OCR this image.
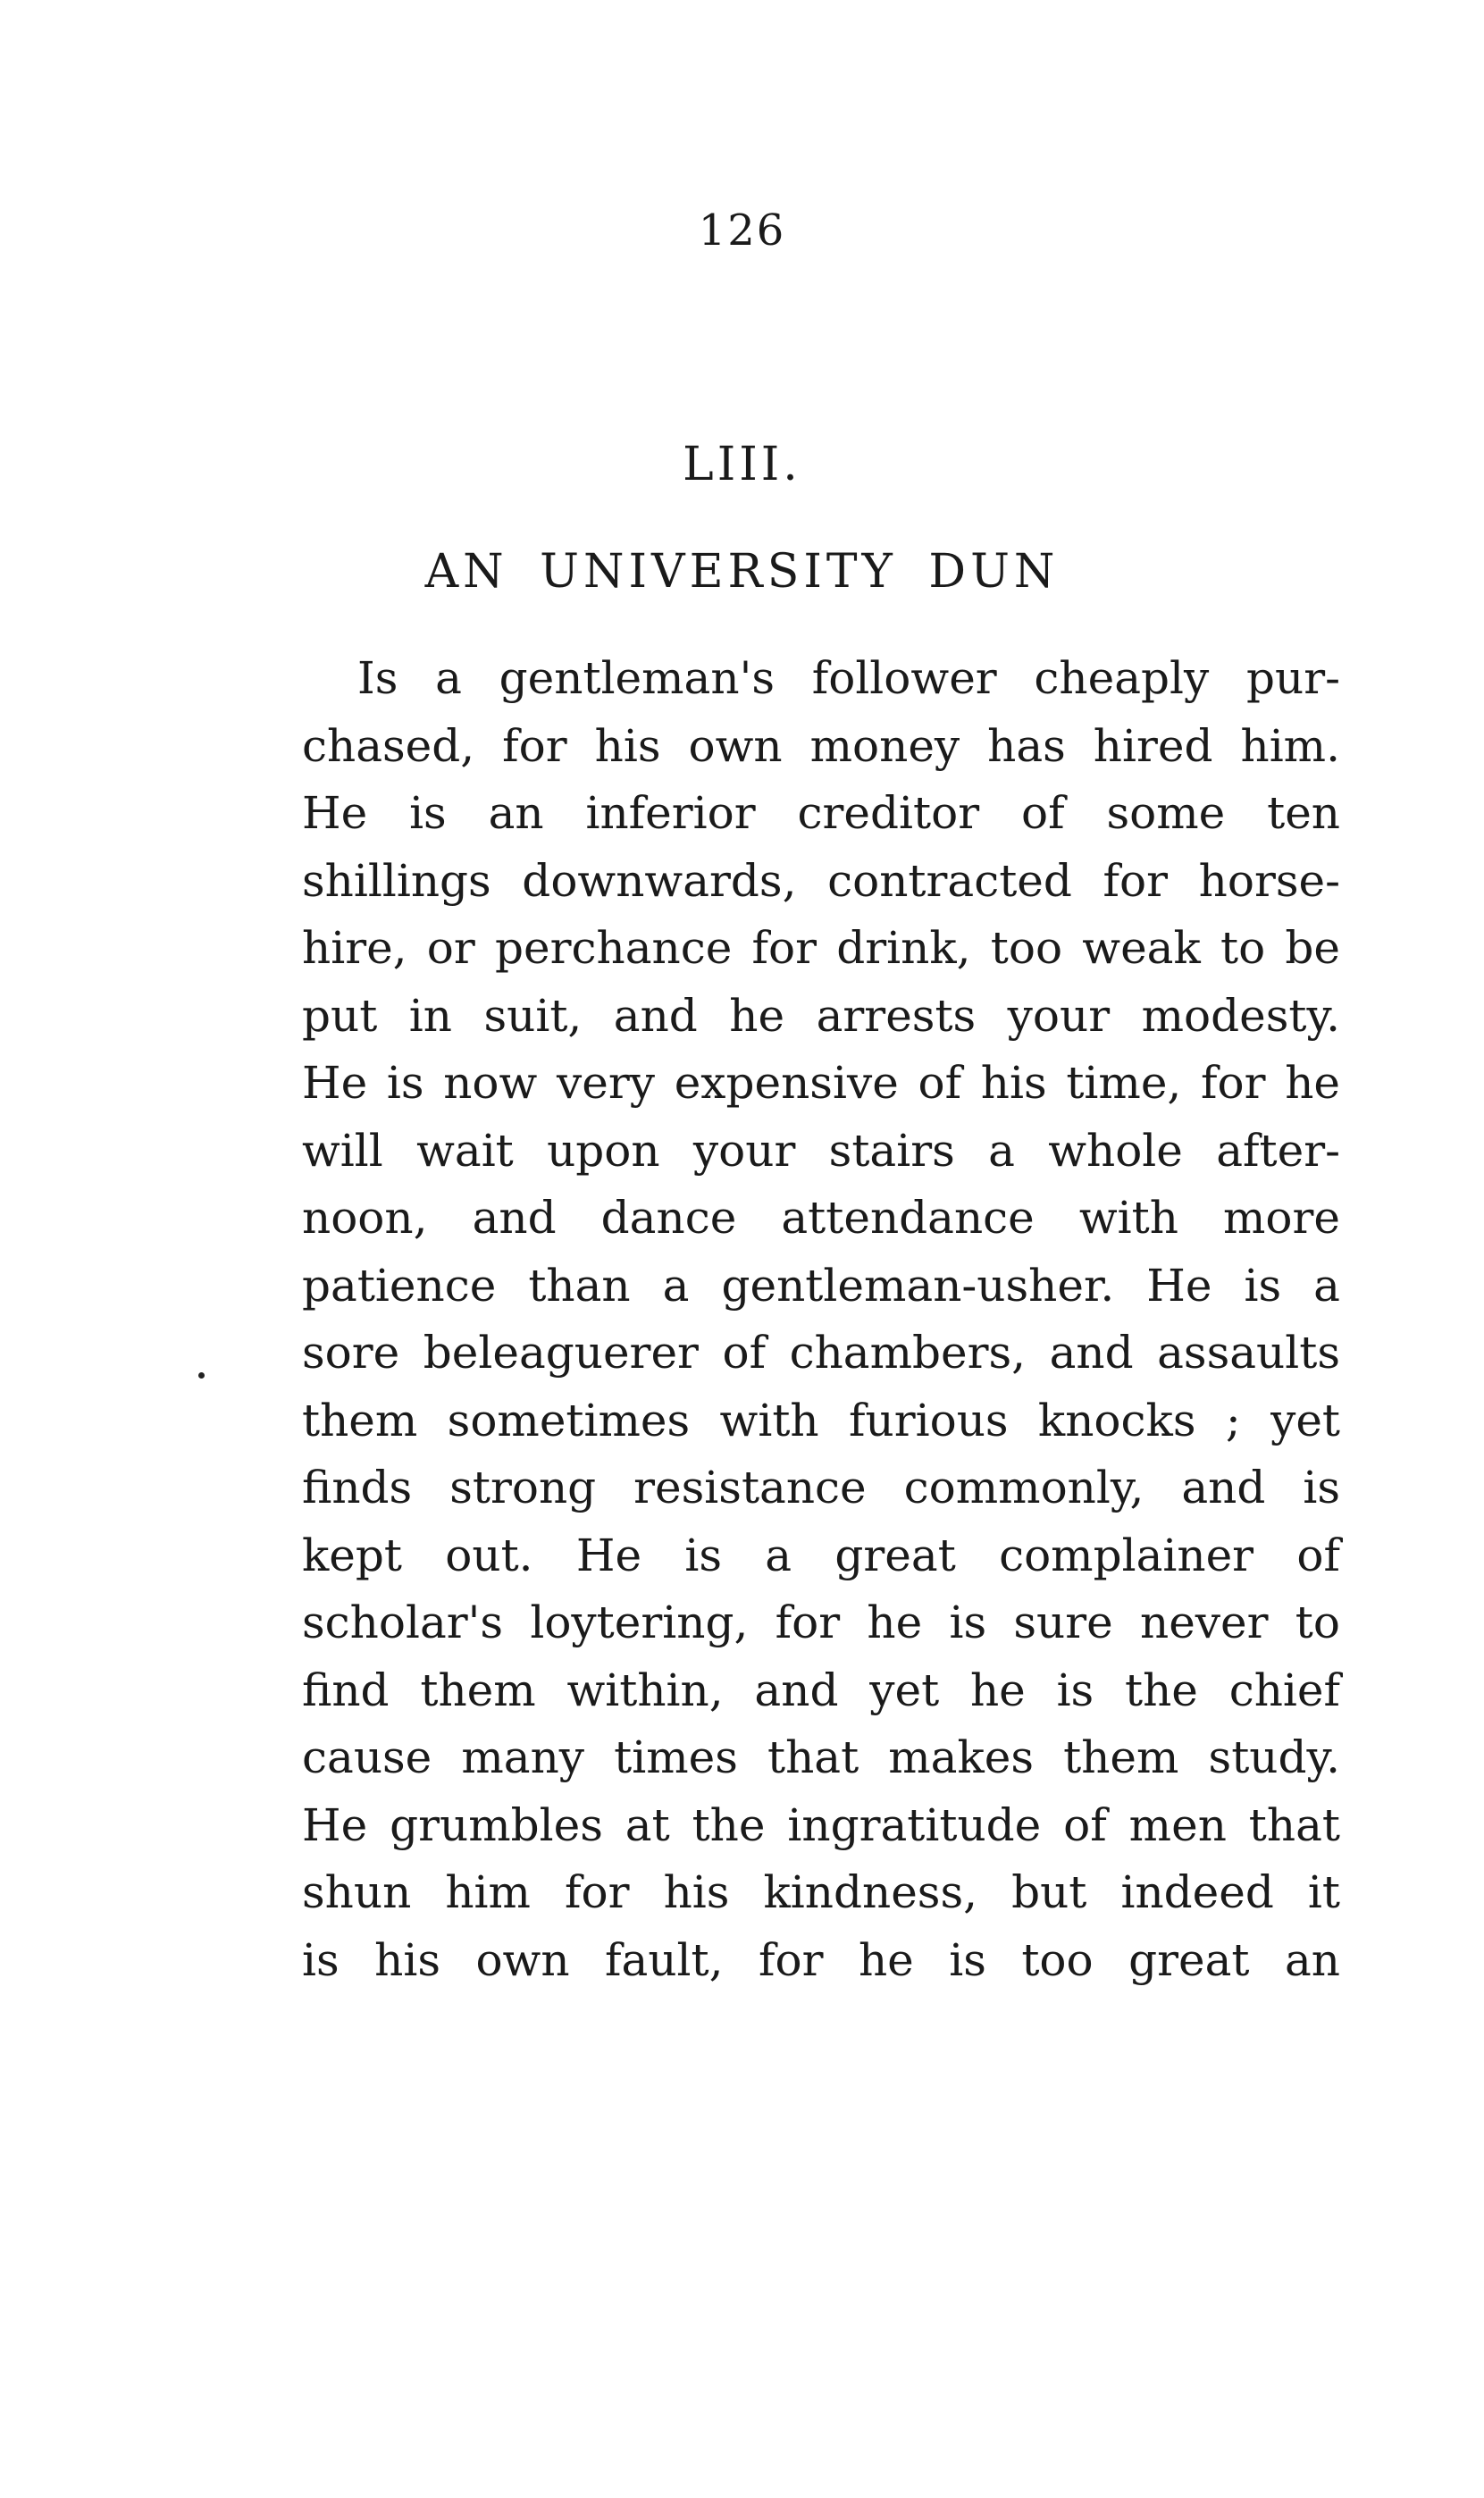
126
LIII.
AN UNIVERSITY DUN
Is a gentleman's follower cheaply pur-
chased, for his own money has hired him.
He is an inferior creditor of some ten
shillings downwards, contracted for horse-
hire, or perchance for drink, too weak to be
put in suit, and he arrests your modesty.
He is now very expensive of his time, for he
will wait upon your stairs a whole after-
noon, and dance attendance with more
patience than a gentleman-usher. He is a
sore beleaguerer of chambers, and assaults
them sometimes with furious knocks ; yet
finds strong resistance commonly, and is
kept out. He is a great complainer of
scholar's loytering, for he is sure never to
find them within, and yet he is the chief
cause many times that makes them study.
He grumbles at the ingratitude of men that
shun him for his kindness, but indeed it
is his own fault, for he is too great an
